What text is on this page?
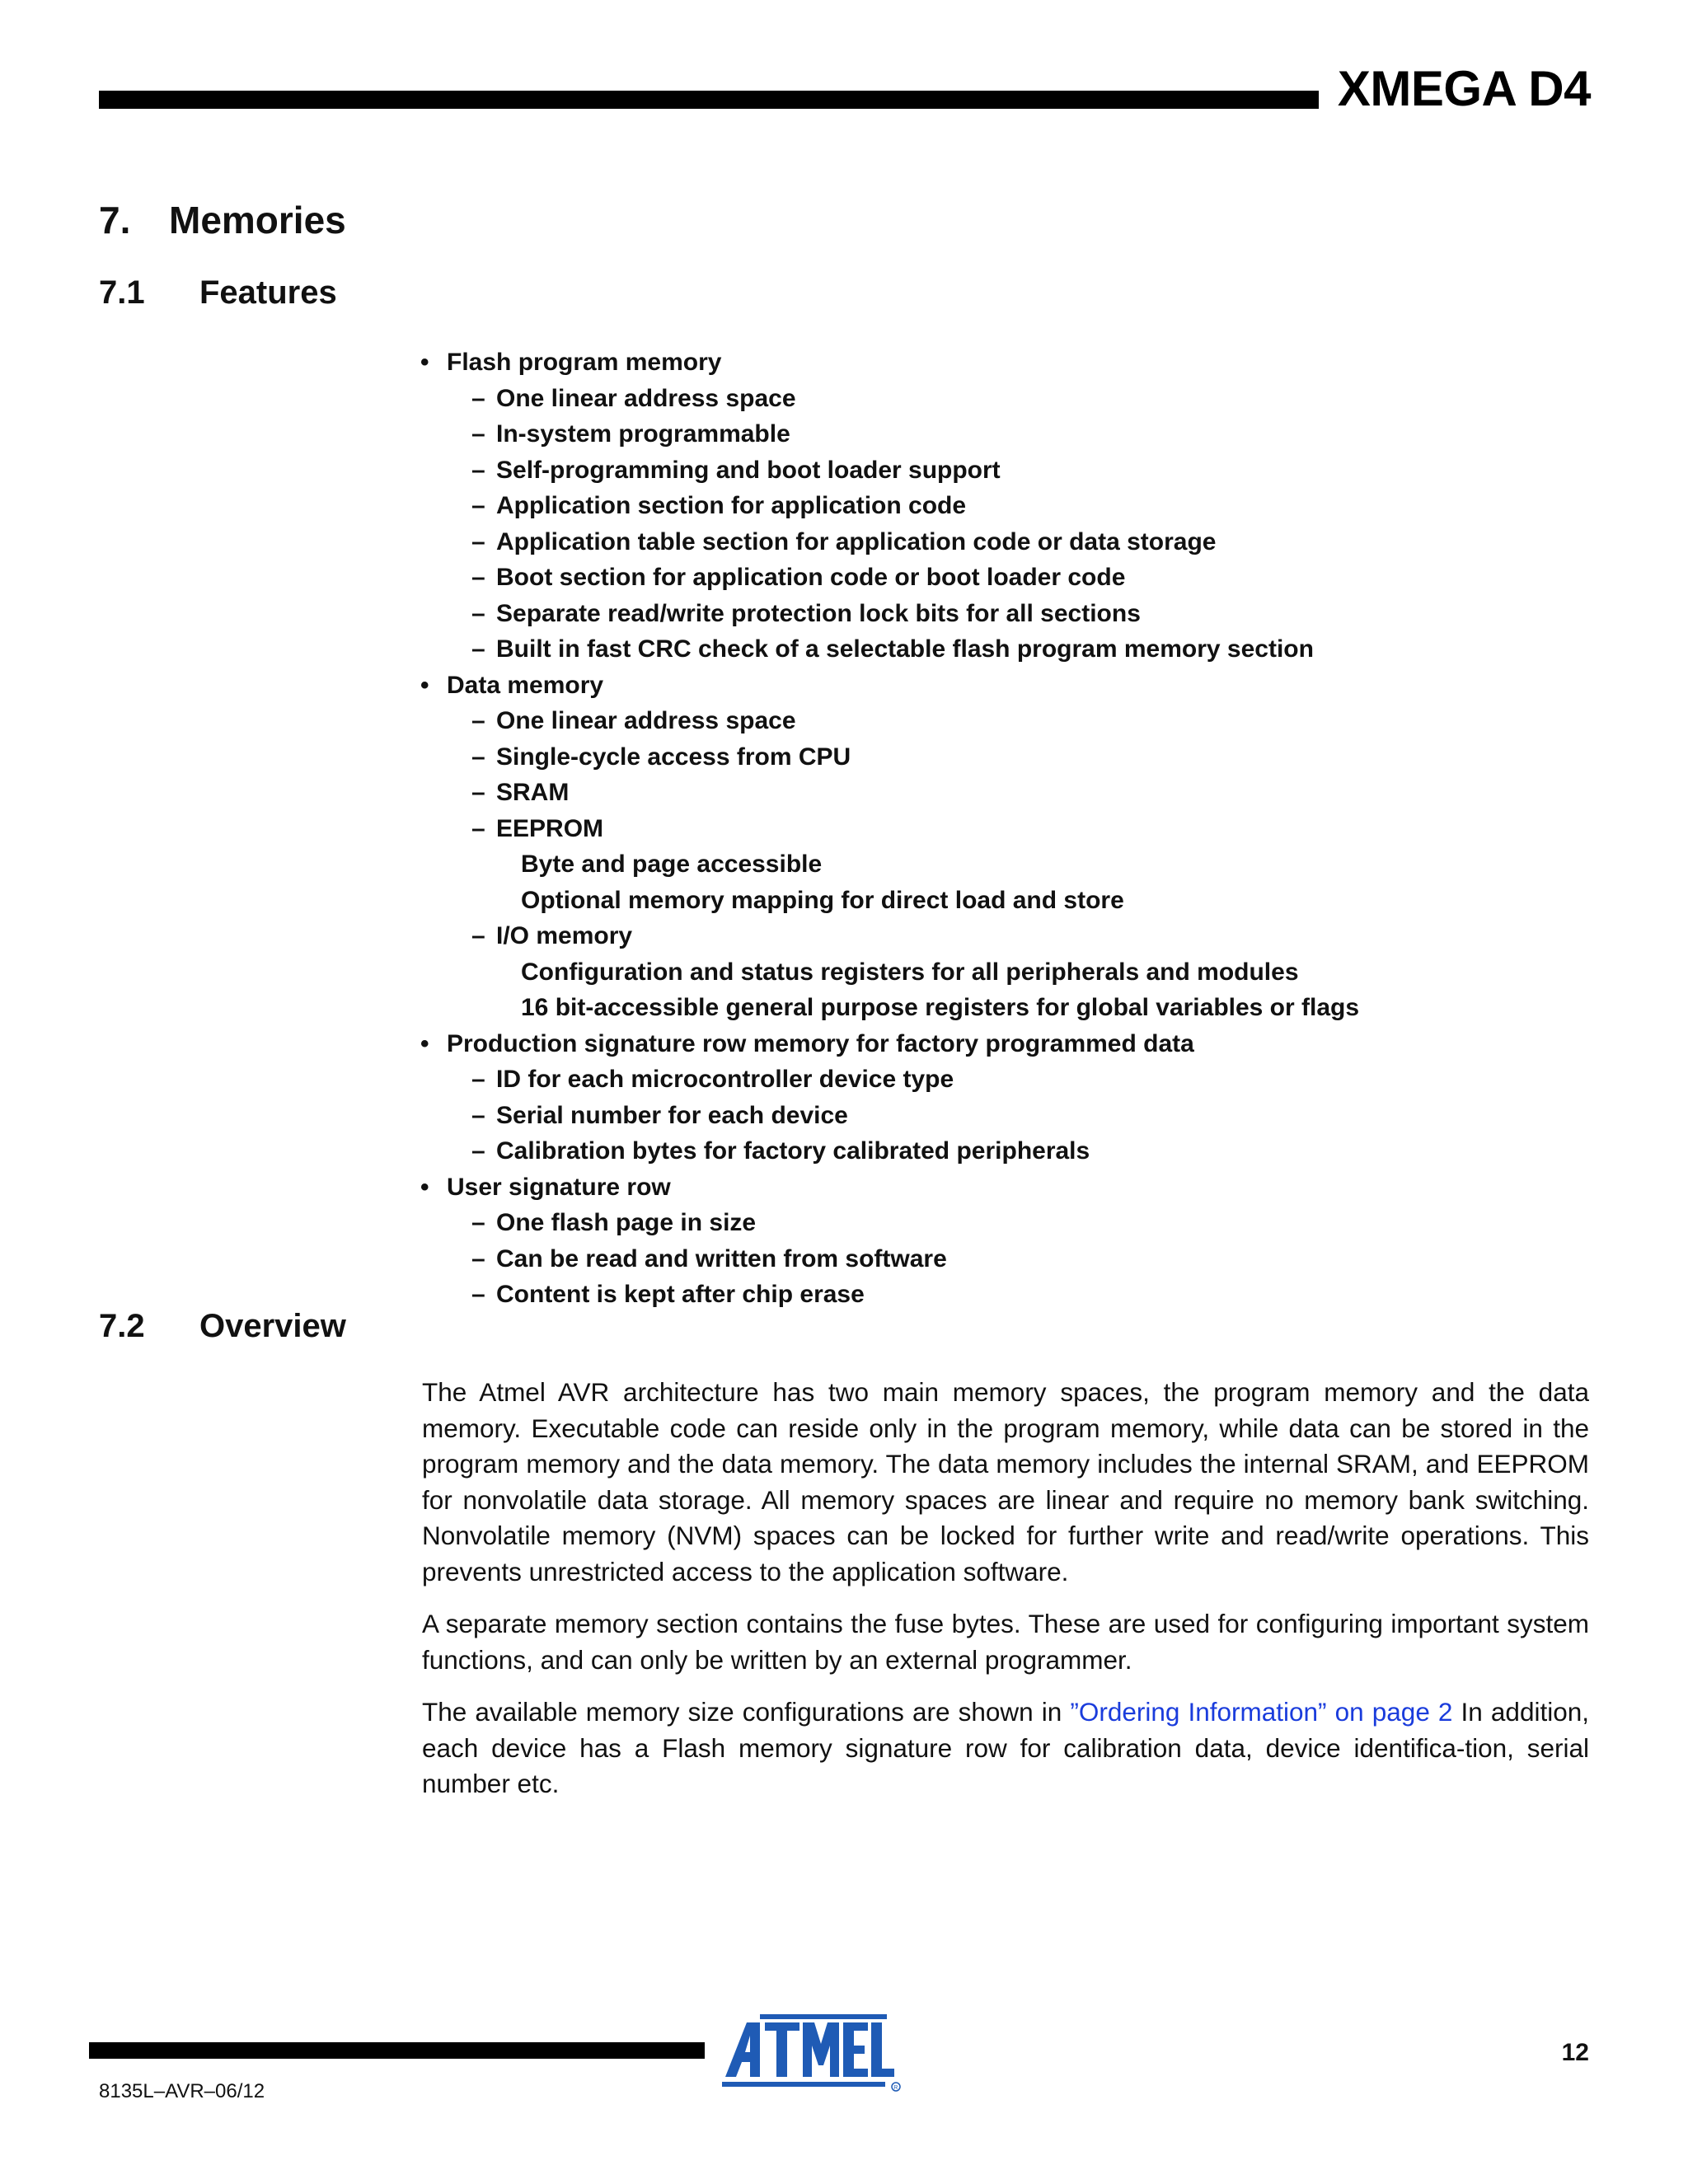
XMEGA D4
7. Memories
7.1 Features
• Flash program memory
– One linear address space
– In-system programmable
– Self-programming and boot loader support
– Application section for application code
– Application table section for application code or data storage
– Boot section for application code or boot loader code
– Separate read/write protection lock bits for all sections
– Built in fast CRC check of a selectable flash program memory section
• Data memory
– One linear address space
– Single-cycle access from CPU
– SRAM
– EEPROM
Byte and page accessible
Optional memory mapping for direct load and store
– I/O memory
Configuration and status registers for all peripherals and modules
16 bit-accessible general purpose registers for global variables or flags
• Production signature row memory for factory programmed data
– ID for each microcontroller device type
– Serial number for each device
– Calibration bytes for factory calibrated peripherals
• User signature row
– One flash page in size
– Can be read and written from software
– Content is kept after chip erase
7.2 Overview

The Atmel AVR architecture has two main memory spaces, the program memory and the data memory. Executable code can reside only in the program memory, while data can be stored in the program memory and the data memory. The data memory includes the internal SRAM, and EEPROM for nonvolatile data storage. All memory spaces are linear and require no memory bank switching. Nonvolatile memory (NVM) spaces can be locked for further write and read/write operations. This prevents unrestricted access to the application software.

A separate memory section contains the fuse bytes. These are used for configuring important system functions, and can only be written by an external programmer.

The available memory size configurations are shown in ”Ordering Information” on page 2 In addition, each device has a Flash memory signature row for calibration data, device identifica-tion, serial number etc.

R
12
8135L–AVR–06/12
